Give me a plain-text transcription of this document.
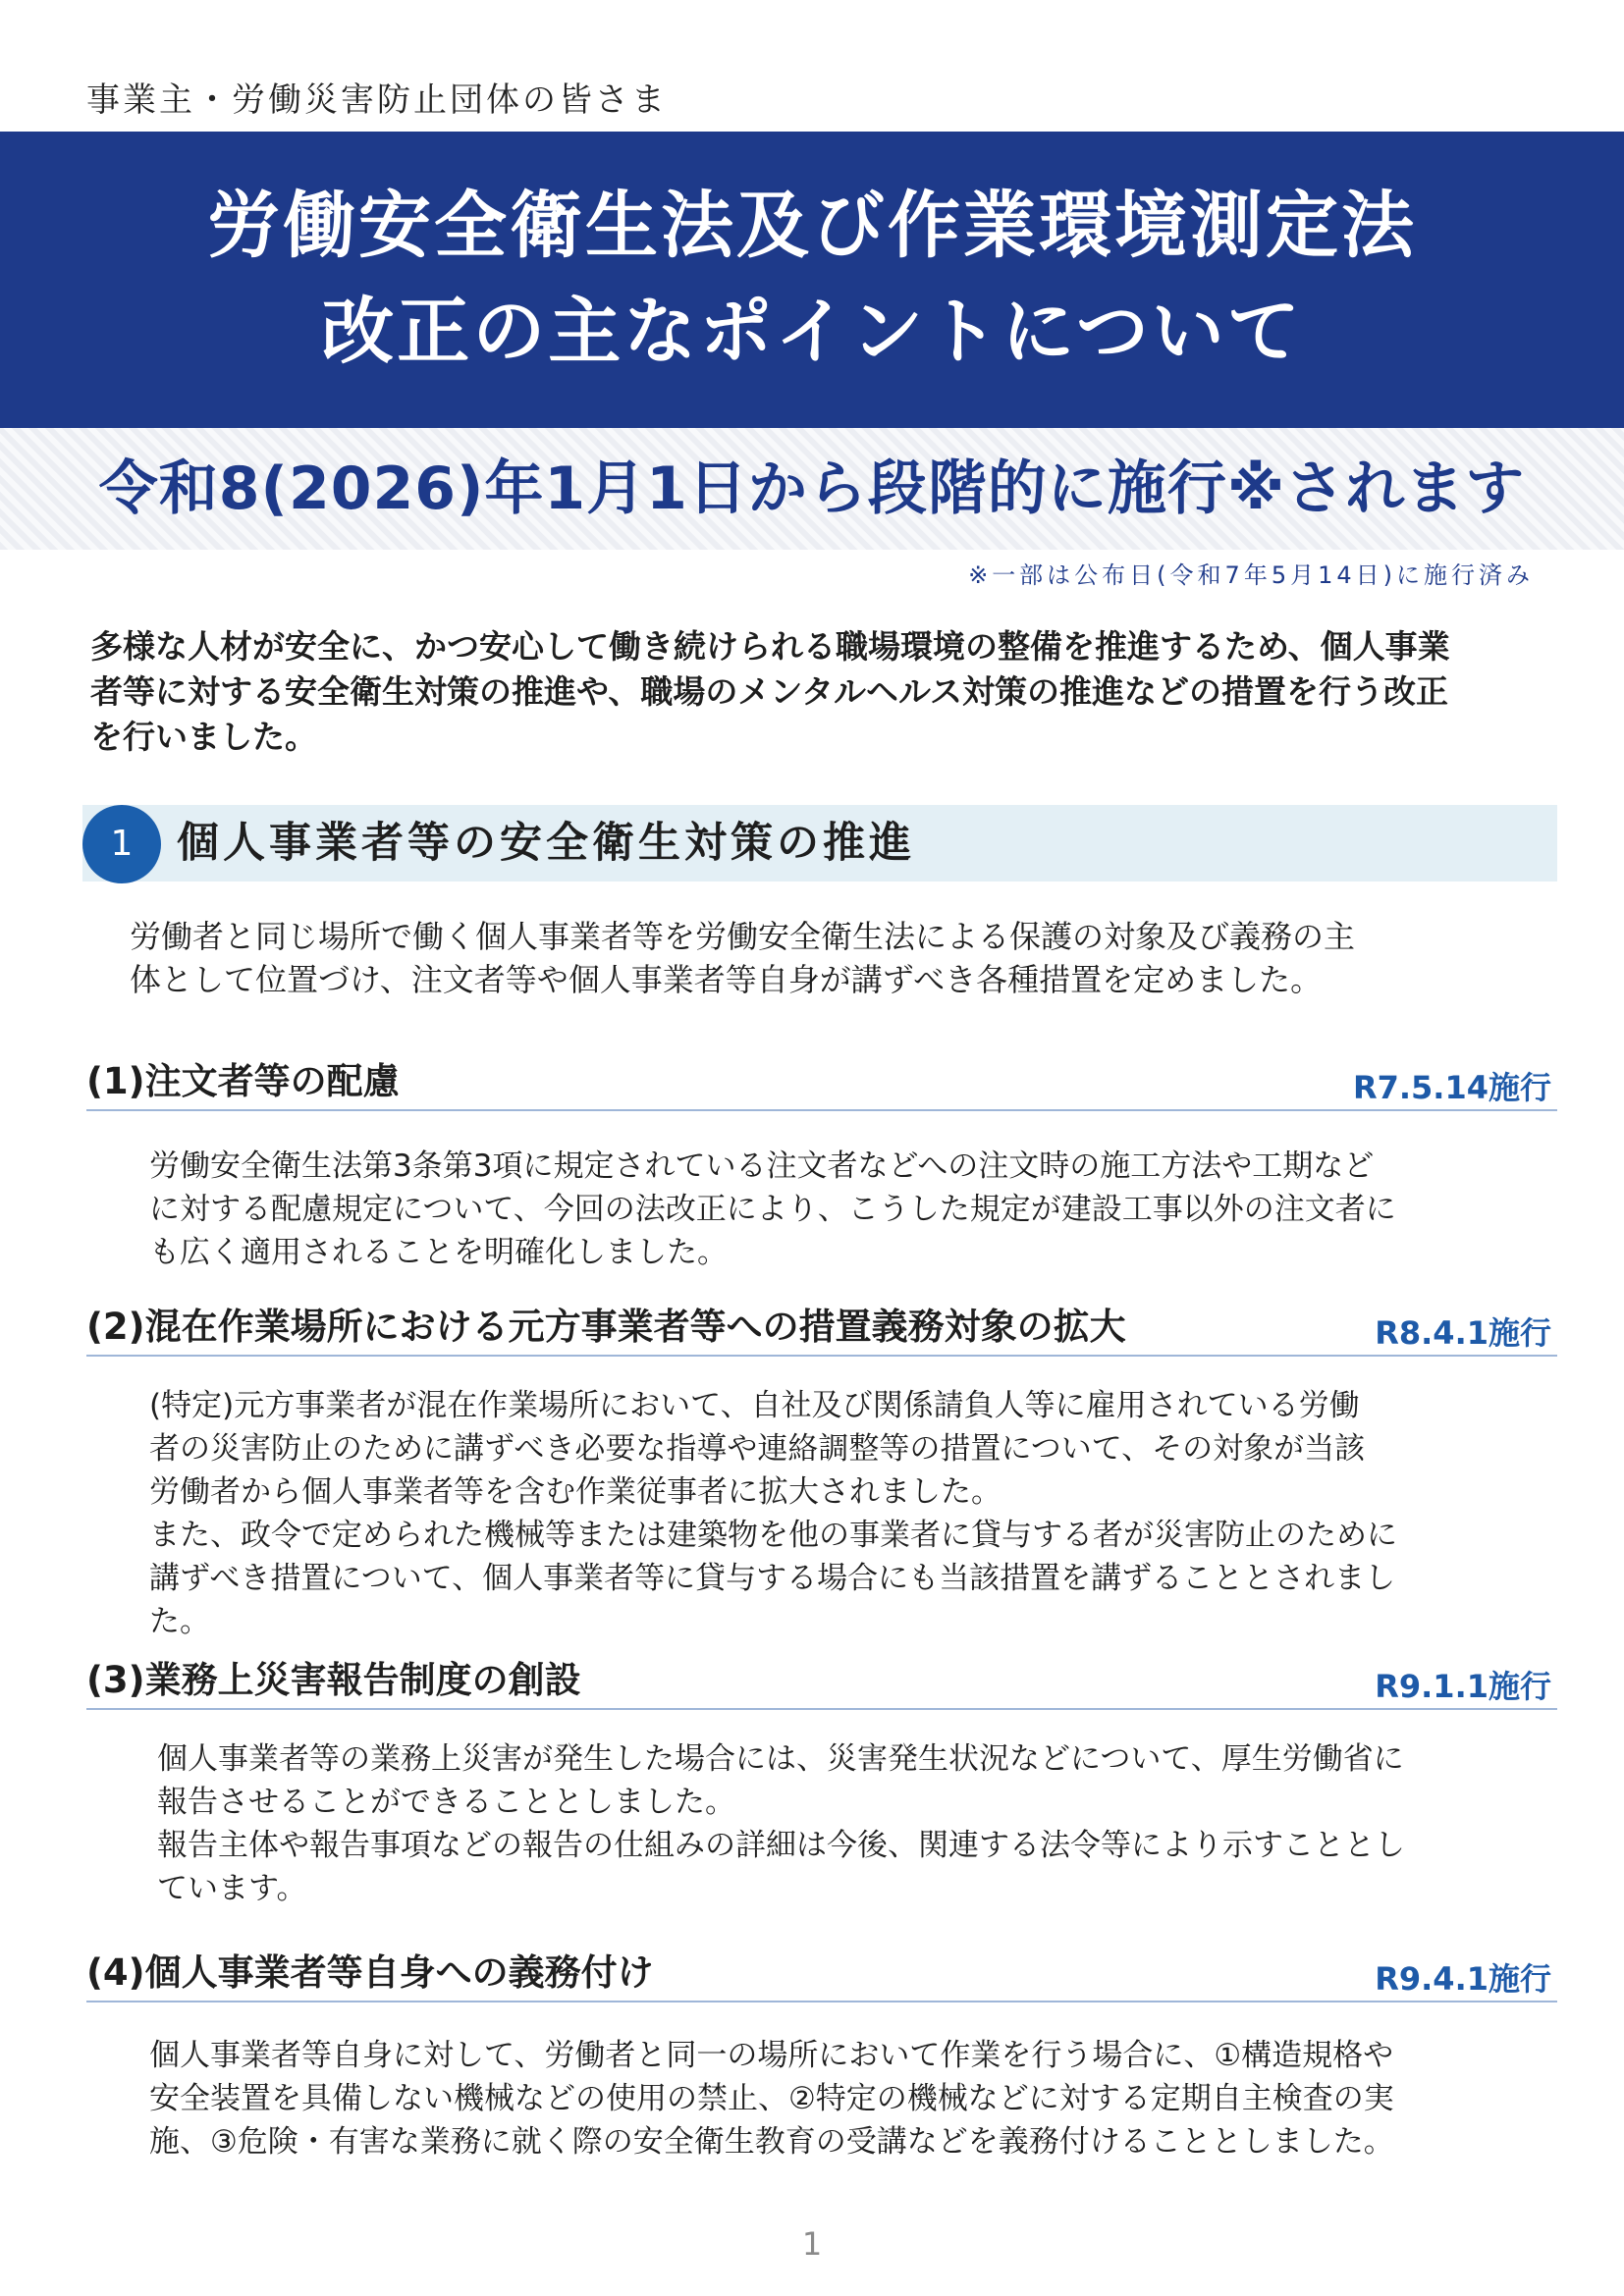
事業主・労働災害防止団体の皆さま
労働安全衛生法及び作業環境測定法
改正の主なポイントについて
令和8(2026)年1月1日から段階的に施行※されます
※一部は公布日(令和7年5月14日)に施行済み
多様な人材が安全に、かつ安心して働き続けられる職場環境の整備を推進するため、個人事業
者等に対する安全衛生対策の推進や、職場のメンタルヘルス対策の推進などの措置を行う改正
を行いました。
1	個人事業者等の安全衛生対策の推進
労働者と同じ場所で働く個人事業者等を労働安全衛生法による保護の対象及び義務の主
体として位置づけ、注文者等や個人事業者等自身が講ずべき各種措置を定めました。
(1)注文者等の配慮	R7.5.14施行
労働安全衛生法第3条第3項に規定されている注文者などへの注文時の施工方法や工期など
に対する配慮規定について、今回の法改正により、こうした規定が建設工事以外の注文者に
も広く適用されることを明確化しました。
(2)混在作業場所における元方事業者等への措置義務対象の拡大	R8.4.1施行
(特定)元方事業者が混在作業場所において、自社及び関係請負人等に雇用されている労働
者の災害防止のために講ずべき必要な指導や連絡調整等の措置について、その対象が当該
労働者から個人事業者等を含む作業従事者に拡大されました。
また、政令で定められた機械等または建築物を他の事業者に貸与する者が災害防止のために
講ずべき措置について、個人事業者等に貸与する場合にも当該措置を講ずることとされまし
た。
(3)業務上災害報告制度の創設	R9.1.1施行
個人事業者等の業務上災害が発生した場合には、災害発生状況などについて、厚生労働省に
報告させることができることとしました。
報告主体や報告事項などの報告の仕組みの詳細は今後、関連する法令等により示すこととし
ています。
(4)個人事業者等自身への義務付け	R9.4.1施行
個人事業者等自身に対して、労働者と同一の場所において作業を行う場合に、①構造規格や
安全装置を具備しない機械などの使用の禁止、②特定の機械などに対する定期自主検査の実
施、③危険・有害な業務に就く際の安全衛生教育の受講などを義務付けることとしました。
1
